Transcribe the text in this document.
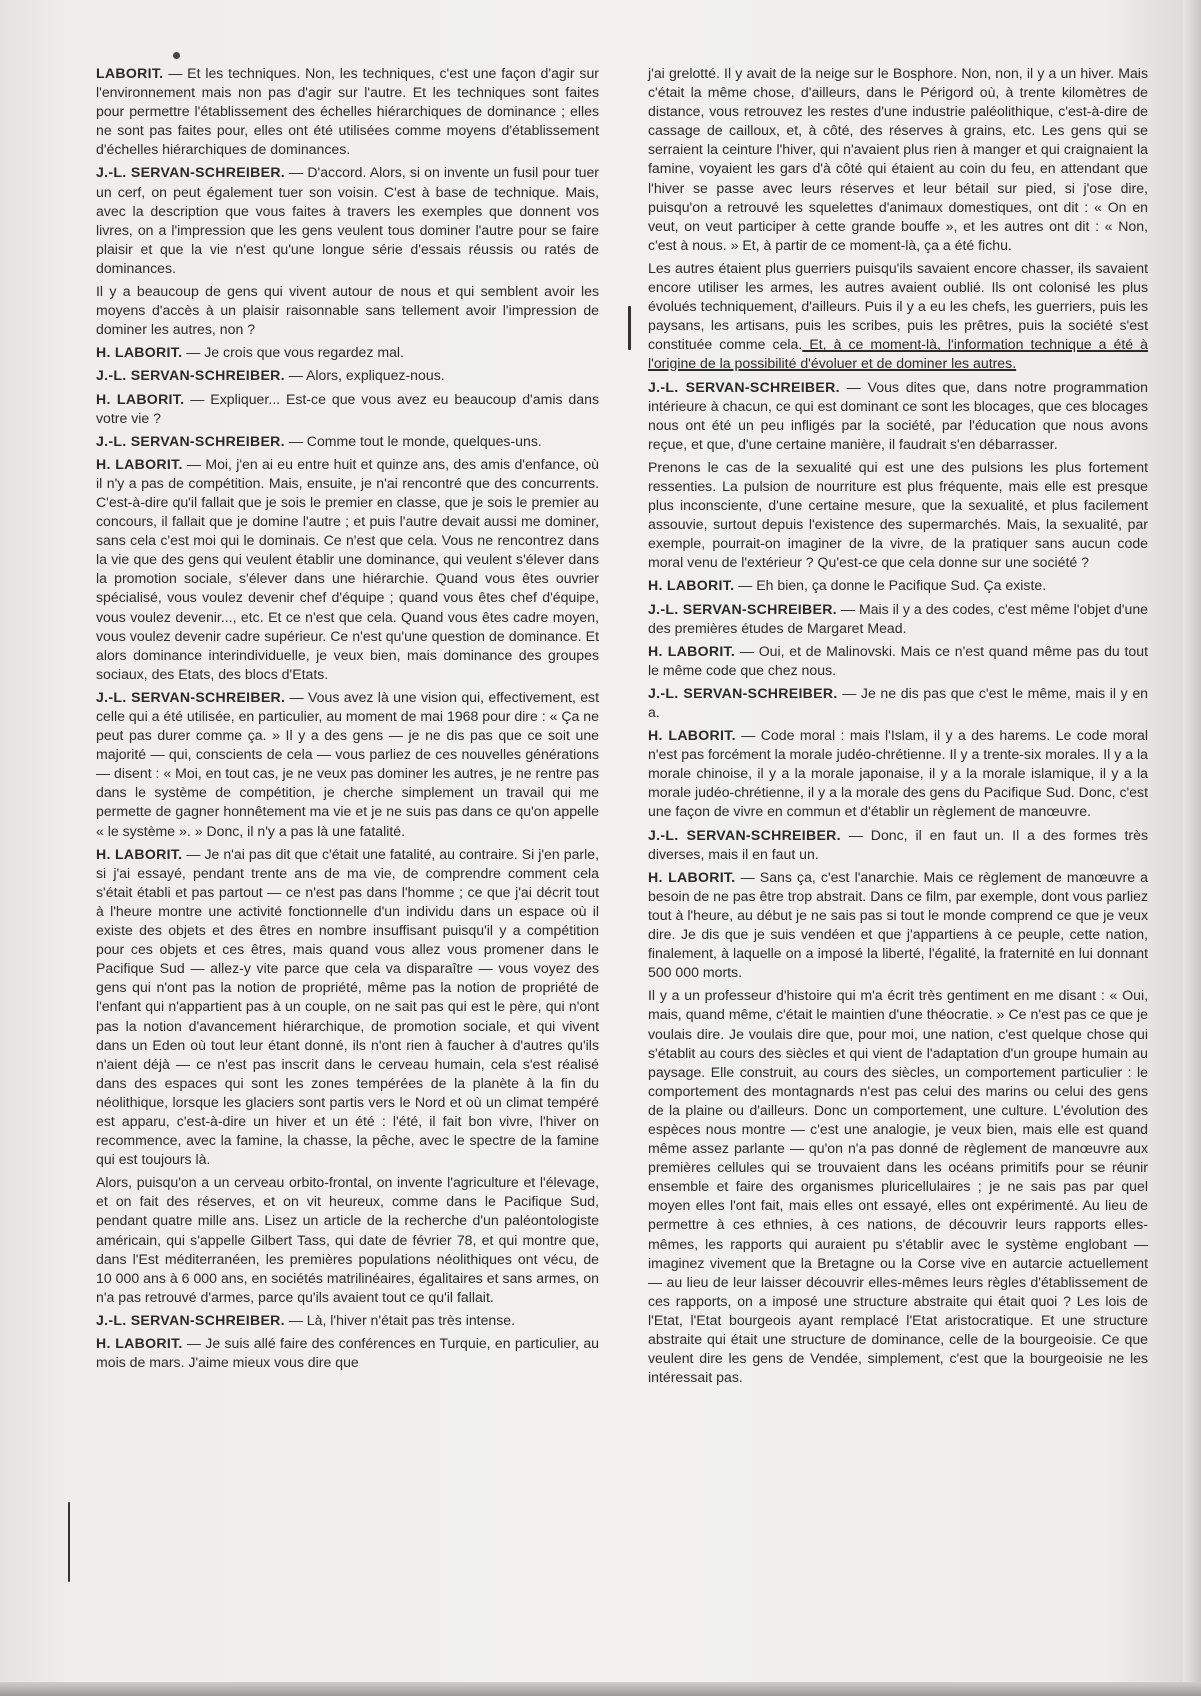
LABORIT. — Et les techniques. Non, les techniques, c'est une façon d'agir sur l'environnement mais non pas d'agir sur l'autre. Et les techniques sont faites pour permettre l'établissement des échelles hiérarchiques de dominance ; elles ne sont pas faites pour, elles ont été utilisées comme moyens d'établissement d'échelles hiérarchiques de dominances.

J.-L. SERVAN-SCHREIBER. — D'accord. Alors, si on invente un fusil pour tuer un cerf, on peut également tuer son voisin. C'est à base de technique. Mais, avec la description que vous faites à travers les exemples que donnent vos livres, on a l'impression que les gens veulent tous dominer l'autre pour se faire plaisir et que la vie n'est qu'une longue série d'essais réussis ou ratés de dominances.

Il y a beaucoup de gens qui vivent autour de nous et qui semblent avoir les moyens d'accès à un plaisir raisonnable sans tellement avoir l'impression de dominer les autres, non ?

H. LABORIT. — Je crois que vous regardez mal.

J.-L. SERVAN-SCHREIBER. — Alors, expliquez-nous.

H. LABORIT. — Expliquer... Est-ce que vous avez eu beaucoup d'amis dans votre vie ?

J.-L. SERVAN-SCHREIBER. — Comme tout le monde, quelques-uns.

H. LABORIT. — Moi, j'en ai eu entre huit et quinze ans, des amis d'enfance, où il n'y a pas de compétition. Mais, ensuite, je n'ai rencontré que des concurrents. C'est-à-dire qu'il fallait que je sois le premier en classe, que je sois le premier au concours, il fallait que je domine l'autre ; et puis l'autre devait aussi me dominer, sans cela c'est moi qui le dominais. Ce n'est que cela. Vous ne rencontrez dans la vie que des gens qui veulent établir une dominance, qui veulent s'élever dans la promotion sociale, s'élever dans une hiérarchie. Quand vous êtes ouvrier spécialisé, vous voulez devenir chef d'équipe ; quand vous êtes chef d'équipe, vous voulez devenir..., etc. Et ce n'est que cela. Quand vous êtes cadre moyen, vous voulez devenir cadre supérieur. Ce n'est qu'une question de dominance. Et alors dominance interindividuelle, je veux bien, mais dominance des groupes sociaux, des Etats, des blocs d'Etats.

J.-L. SERVAN-SCHREIBER. — Vous avez là une vision qui, effectivement, est celle qui a été utilisée, en particulier, au moment de mai 1968 pour dire : « Ça ne peut pas durer comme ça. » Il y a des gens — je ne dis pas que ce soit une majorité — qui, conscients de cela — vous parliez de ces nouvelles générations — disent : « Moi, en tout cas, je ne veux pas dominer les autres, je ne rentre pas dans le système de compétition, je cherche simplement un travail qui me permette de gagner honnêtement ma vie et je ne suis pas dans ce qu'on appelle « le système ». » Donc, il n'y a pas là une fatalité.

H. LABORIT. — Je n'ai pas dit que c'était une fatalité, au contraire. Si j'en parle, si j'ai essayé, pendant trente ans de ma vie, de comprendre comment cela s'était établi et pas partout — ce n'est pas dans l'homme ; ce que j'ai décrit tout à l'heure montre une activité fonctionnelle d'un individu dans un espace où il existe des objets et des êtres en nombre insuffisant puisqu'il y a compétition pour ces objets et ces êtres, mais quand vous allez vous promener dans le Pacifique Sud — allez-y vite parce que cela va disparaître — vous voyez des gens qui n'ont pas la notion de propriété, même pas la notion de propriété de l'enfant qui n'appartient pas à un couple, on ne sait pas qui est le père, qui n'ont pas la notion d'avancement hiérarchique, de promotion sociale, et qui vivent dans un Eden où tout leur étant donné, ils n'ont rien à faucher à d'autres qu'ils n'aient déjà — ce n'est pas inscrit dans le cerveau humain, cela s'est réalisé dans des espaces qui sont les zones tempérées de la planète à la fin du néolithique, lorsque les glaciers sont partis vers le Nord et où un climat tempéré est apparu, c'est-à-dire un hiver et un été : l'été, il fait bon vivre, l'hiver on recommence, avec la famine, la chasse, la pêche, avec le spectre de la famine qui est toujours là.

Alors, puisqu'on a un cerveau orbito-frontal, on invente l'agriculture et l'élevage, et on fait des réserves, et on vit heureux, comme dans le Pacifique Sud, pendant quatre mille ans. Lisez un article de la recherche d'un paléontologiste américain, qui s'appelle Gilbert Tass, qui date de février 78, et qui montre que, dans l'Est méditerranéen, les premières populations néolithiques ont vécu, de 10 000 ans à 6 000 ans, en sociétés matrilinéaires, égalitaires et sans armes, on n'a pas retrouvé d'armes, parce qu'ils avaient tout ce qu'il fallait.

J.-L. SERVAN-SCHREIBER. — Là, l'hiver n'était pas très intense.

H. LABORIT. — Je suis allé faire des conférences en Turquie, en particulier, au mois de mars. J'aime mieux vous dire que

j'ai grelotté. Il y avait de la neige sur le Bosphore. Non, non, il y a un hiver. Mais c'était la même chose, d'ailleurs, dans le Périgord où, à trente kilomètres de distance, vous retrouvez les restes d'une industrie paléolithique, c'est-à-dire de cassage de cailloux, et, à côté, des réserves à grains, etc. Les gens qui se serraient la ceinture l'hiver, qui n'avaient plus rien à manger et qui craignaient la famine, voyaient les gars d'à côté qui étaient au coin du feu, en attendant que l'hiver se passe avec leurs réserves et leur bétail sur pied, si j'ose dire, puisqu'on a retrouvé les squelettes d'animaux domestiques, ont dit : « On en veut, on veut participer à cette grande bouffe », et les autres ont dit : « Non, c'est à nous. » Et, à partir de ce moment-là, ça a été fichu.

Les autres étaient plus guerriers puisqu'ils savaient encore chasser, ils savaient encore utiliser les armes, les autres avaient oublié. Ils ont colonisé les plus évolués techniquement, d'ailleurs. Puis il y a eu les chefs, les guerriers, puis les paysans, les artisans, puis les scribes, puis les prêtres, puis la société s'est constituée comme cela. Et, à ce moment-là, l'information technique a été à l'origine de la possibilité d'évoluer et de dominer les autres.

J.-L. SERVAN-SCHREIBER. — Vous dites que, dans notre programmation intérieure à chacun, ce qui est dominant ce sont les blocages, que ces blocages nous ont été un peu infligés par la société, par l'éducation que nous avons reçue, et que, d'une certaine manière, il faudrait s'en débarrasser.

Prenons le cas de la sexualité qui est une des pulsions les plus fortement ressenties. La pulsion de nourriture est plus fréquente, mais elle est presque plus inconsciente, d'une certaine mesure, que la sexualité, et plus facilement assouvie, surtout depuis l'existence des supermarchés. Mais, la sexualité, par exemple, pourrait-on imaginer de la vivre, de la pratiquer sans aucun code moral venu de l'extérieur ? Qu'est-ce que cela donne sur une société ?

H. LABORIT. — Eh bien, ça donne le Pacifique Sud. Ça existe.

J.-L. SERVAN-SCHREIBER. — Mais il y a des codes, c'est même l'objet d'une des premières études de Margaret Mead.

H. LABORIT. — Oui, et de Malinovski. Mais ce n'est quand même pas du tout le même code que chez nous.

J.-L. SERVAN-SCHREIBER. — Je ne dis pas que c'est le même, mais il y en a.

H. LABORIT. — Code moral : mais l'Islam, il y a des harems. Le code moral n'est pas forcément la morale judéo-chrétienne. Il y a trente-six morales. Il y a la morale chinoise, il y a la morale japonaise, il y a la morale islamique, il y a la morale judéo-chrétienne, il y a la morale des gens du Pacifique Sud. Donc, c'est une façon de vivre en commun et d'établir un règlement de manœuvre.

J.-L. SERVAN-SCHREIBER. — Donc, il en faut un. Il a des formes très diverses, mais il en faut un.

H. LABORIT. — Sans ça, c'est l'anarchie. Mais ce règlement de manœuvre a besoin de ne pas être trop abstrait. Dans ce film, par exemple, dont vous parliez tout à l'heure, au début je ne sais pas si tout le monde comprend ce que je veux dire. Je dis que je suis vendéen et que j'appartiens à ce peuple, cette nation, finalement, à laquelle on a imposé la liberté, l'égalité, la fraternité en lui donnant 500 000 morts.

Il y a un professeur d'histoire qui m'a écrit très gentiment en me disant : « Oui, mais, quand même, c'était le maintien d'une théocratie. » Ce n'est pas ce que je voulais dire. Je voulais dire que, pour moi, une nation, c'est quelque chose qui s'établit au cours des siècles et qui vient de l'adaptation d'un groupe humain au paysage. Elle construit, au cours des siècles, un comportement particulier : le comportement des montagnards n'est pas celui des marins ou celui des gens de la plaine ou d'ailleurs. Donc un comportement, une culture. L'évolution des espèces nous montre — c'est une analogie, je veux bien, mais elle est quand même assez parlante — qu'on n'a pas donné de règlement de manœuvre aux premières cellules qui se trouvaient dans les océans primitifs pour se réunir ensemble et faire des organismes pluricellulaires ; je ne sais pas par quel moyen elles l'ont fait, mais elles ont essayé, elles ont expérimenté. Au lieu de permettre à ces ethnies, à ces nations, de découvrir leurs rapports elles-mêmes, les rapports qui auraient pu s'établir avec le système englobant — imaginez vivement que la Bretagne ou la Corse vive en autarcie actuellement — au lieu de leur laisser découvrir elles-mêmes leurs règles d'établissement de ces rapports, on a imposé une structure abstraite qui était quoi ? Les lois de l'Etat, l'Etat bourgeois ayant remplacé l'Etat aristocratique. Et une structure abstraite qui était une structure de dominance, celle de la bourgeoisie. Ce que veulent dire les gens de Vendée, simplement, c'est que la bourgeoisie ne les intéressait pas.
